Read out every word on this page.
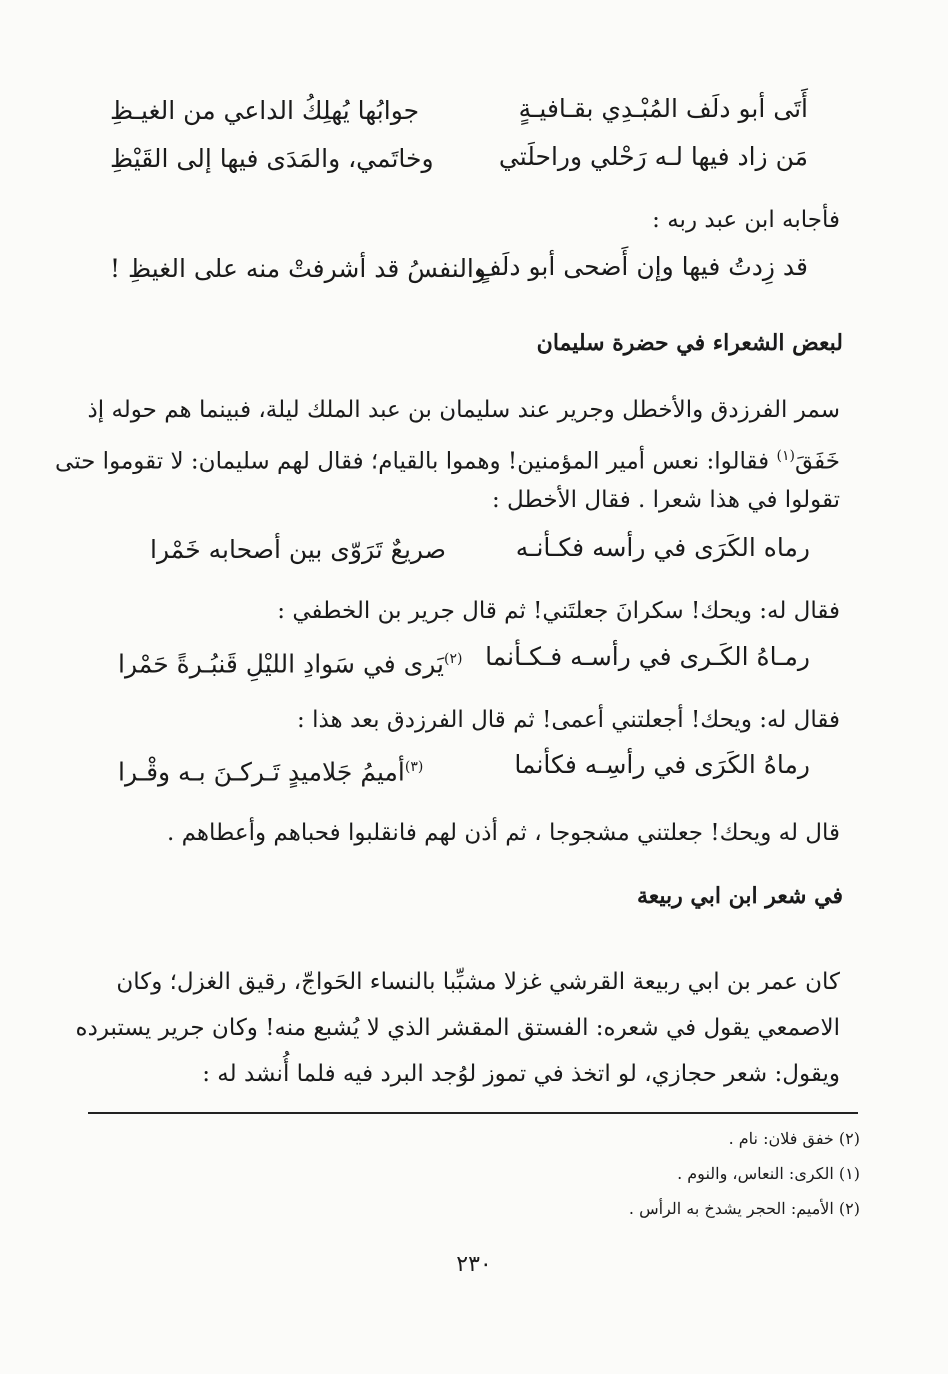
أَتَى أبو دلَف المُبْـدِي بقـافيـةٍ
جوابُها يُهلِكُ الداعي من الغيـظِ
مَن زاد فيها لـه رَحْلي وراحلَتي
وخاتَمي، والمَدَى فيها إلى القَيْظِ
فأجابه ابن عبد ربه :
قد زِدتُ فيها وإن أَضحى أبو دلَفٍ
والنفسُ قد أشرفتْ منه على الغيظِ !
لبعض الشعراء في حضرة سليمان
سمر الفرزدق والأخطل وجرير عند سليمان بن عبد الملك ليلة، فبينما هم حوله إذ
خَفَقَ$^{(١)}$ فقالوا: نعس أمير المؤمنين! وهموا بالقيام؛ فقال لهم سليمان: لا تقوموا حتى
تقولوا في هذا شعرا . فقال الأخطل :
رماه الكَرَى في رأسه فكـأنـه
صريعٌ تَرَوّى بين أصحابه خَمْرا
فقال له: ويحك! سكرانَ جعلتَني! ثم قال جرير بن الخطفي :
رمـاهُ الكَـرى في رأسـه فـكـأنما
$^{(٢)}$يَرى في سَوادِ الليْلِ قَنبُـرةً حَمْرا
فقال له: ويحك! أجعلتني أعمى! ثم قال الفرزدق بعد هذا :
رماهُ الكَرَى في رأسِـه فكأنما
$^{(٣)}$أميمُ جَلاميدٍ تَـركـنَ بـه وقْـرا
قال له ويحك! جعلتني مشجوجا ، ثم أذن لهم فانقلبوا فحباهم وأعطاهم .
في شعر ابن ابي ربيعة
كان عمر بن ابي ربيعة القرشي غزلا مشبِّبا بالنساء الحَواجّ، رقيق الغزل؛ وكان
الاصمعي يقول في شعره: الفستق المقشر الذي لا يُشبع منه! وكان جرير يستبرده
ويقول: شعر حجازي، لو اتخذ في تموز لوُجد البرد فيه فلما أُنشد له :
(٢) خفق فلان: نام .
(١) الكرى: النعاس، والنوم .
(٢) الأميم: الحجر يشدخ به الرأس .
٢٣٠
